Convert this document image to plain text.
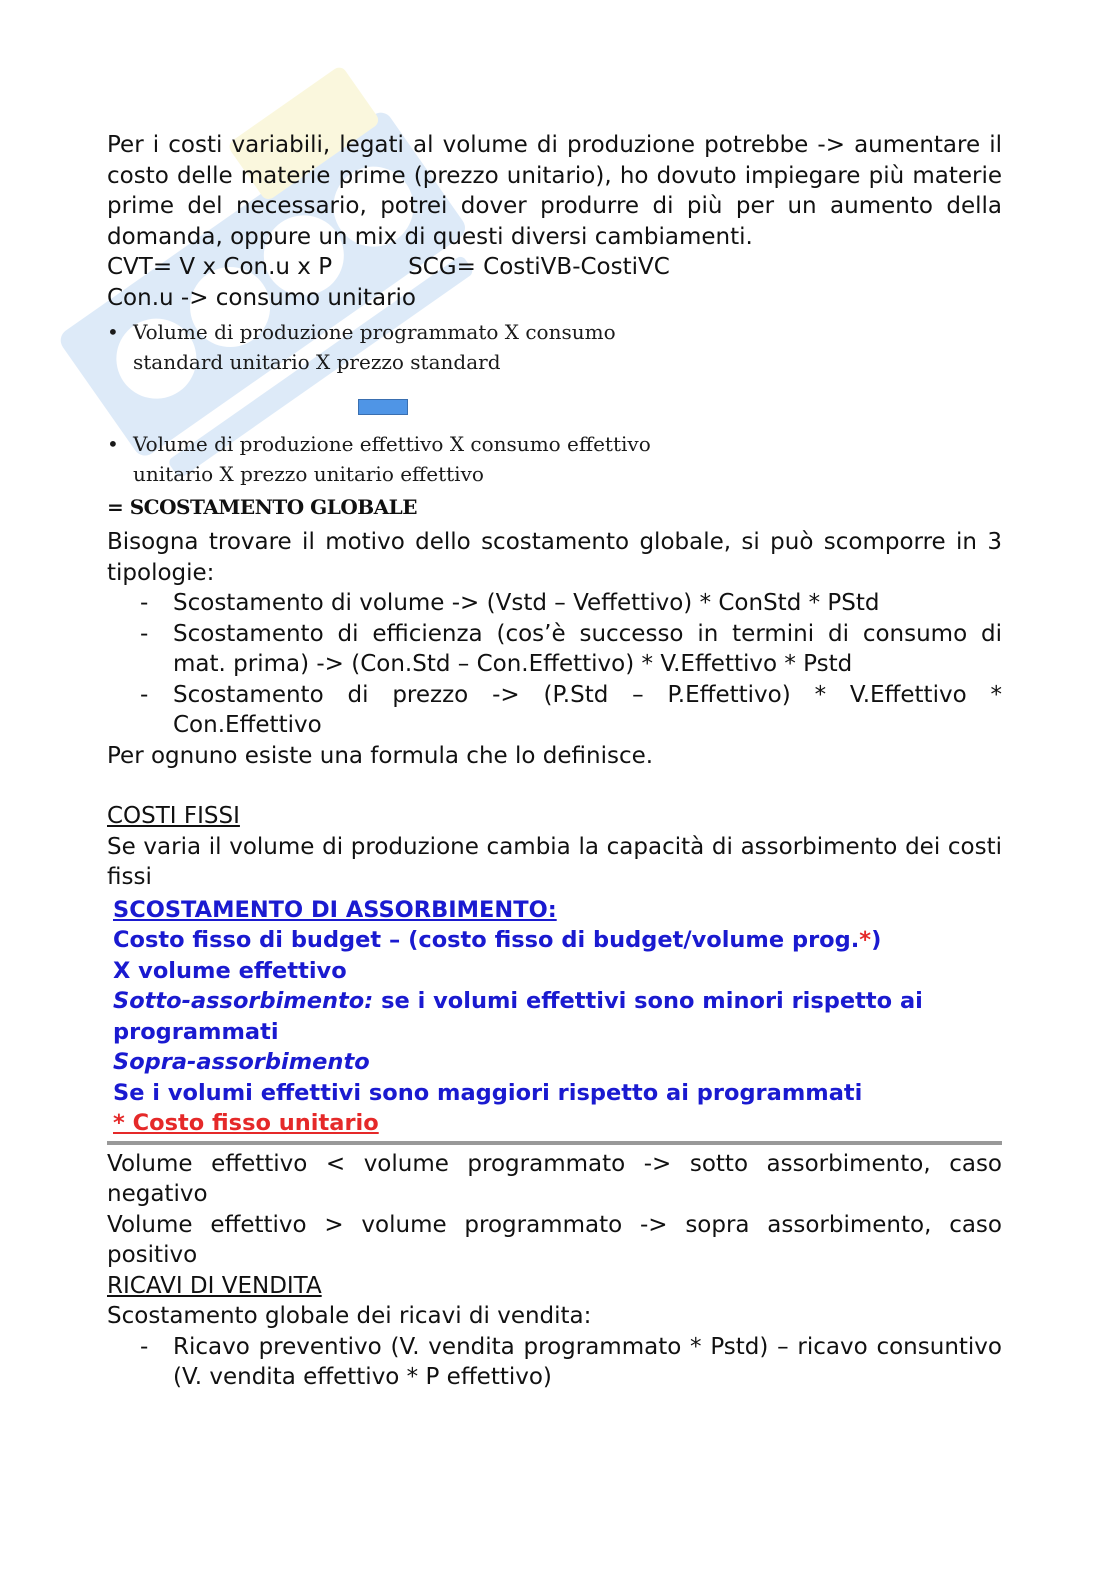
Per i costi variabili, legati al volume di produzione potrebbe -> aumentare il costo delle materie prime (prezzo unitario), ho dovuto impiegare più materie prime del necessario, potrei dover produrre di più per un aumento della domanda, oppure un mix di questi diversi cambiamenti.

CVT= V x Con.u x P	SCG= CostiVB-CostiVC

Con.u -> consumo unitario

• Volume di produzione programmato X consumo standard unitario X prezzo standard

• Volume di produzione effettivo X consumo effettivo unitario X prezzo unitario effettivo

= SCOSTAMENTO GLOBALE

Bisogna trovare il motivo dello scostamento globale, si può scomporre in 3 tipologie:

- Scostamento di volume -> (Vstd – Veffettivo) * ConStd * PStd
- Scostamento di efficienza (cos’è successo in termini di consumo di mat. prima) -> (Con.Std – Con.Effettivo) * V.Effettivo * Pstd
- Scostamento di prezzo -> (P.Std – P.Effettivo) * V.Effettivo * Con.Effettivo

Per ognuno esiste una formula che lo definisce.

COSTI FISSI

Se varia il volume di produzione cambia la capacità di assorbimento dei costi fissi

SCOSTAMENTO DI ASSORBIMENTO:

Costo fisso di budget – (costo fisso di budget/volume prog.*)

X volume effettivo

Sotto-assorbimento: se i volumi effettivi sono minori rispetto ai programmati

Sopra-assorbimento

Se i volumi effettivi sono maggiori rispetto ai programmati

* Costo fisso unitario

Volume effettivo < volume programmato -> sotto assorbimento, caso negativo

Volume effettivo > volume programmato -> sopra assorbimento, caso positivo

RICAVI DI VENDITA

Scostamento globale dei ricavi di vendita:

- Ricavo preventivo (V. vendita programmato * Pstd) – ricavo consuntivo (V. vendita effettivo * P effettivo)
